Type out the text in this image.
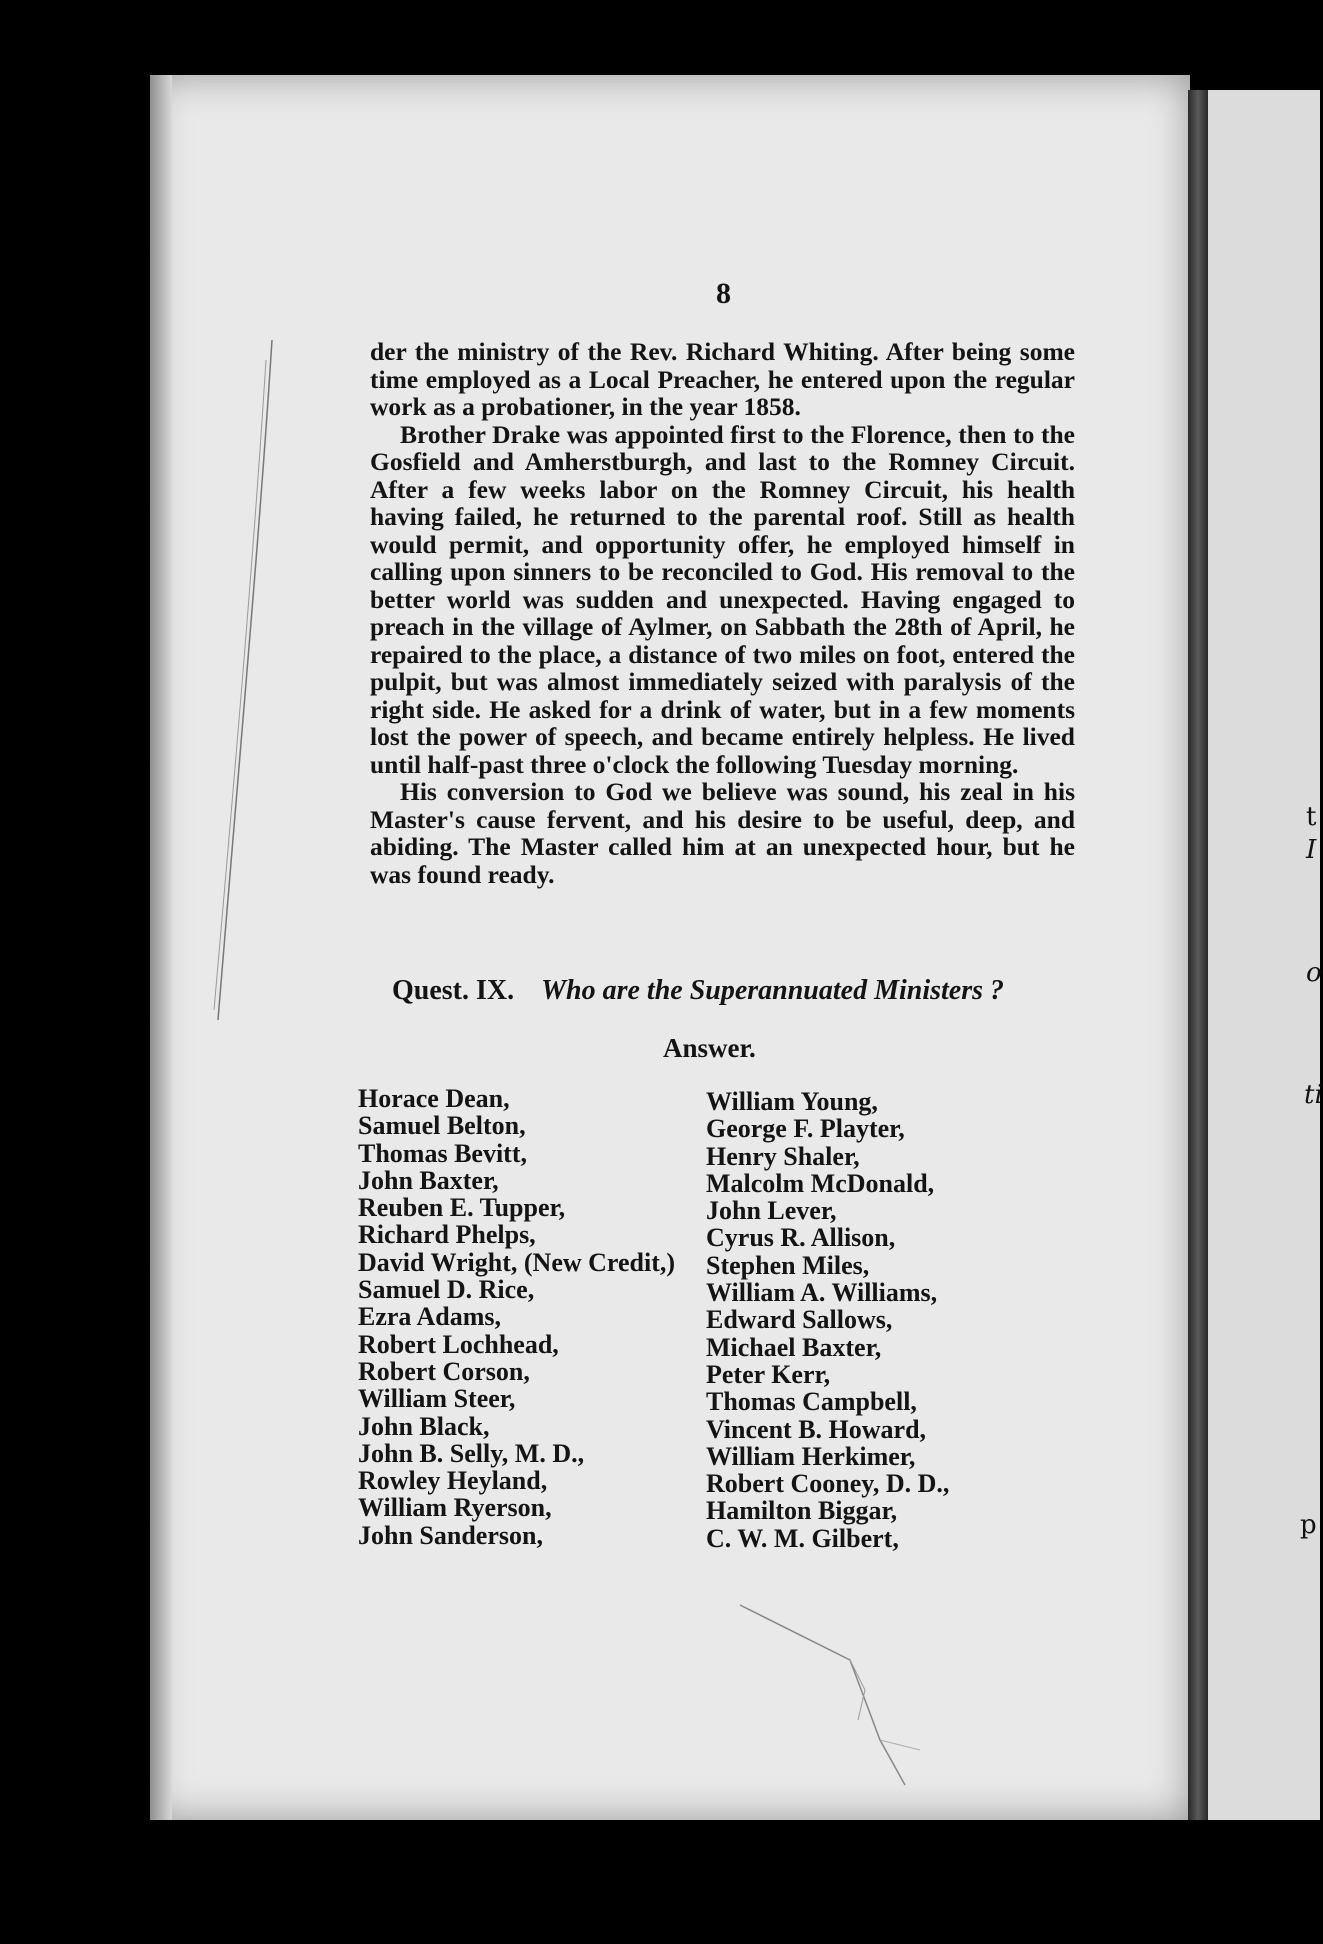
t
I
o
ti
p
8

der the ministry of the Rev. Richard Whiting. After being some time employed as a Local Preacher, he entered upon the regular work as a probationer, in the year 1858.

Brother Drake was appointed first to the Florence, then to the Gosfield and Amherstburgh, and last to the Romney Circuit. After a few weeks labor on the Romney Circuit, his health having failed, he returned to the parental roof. Still as health would permit, and opportunity offer, he employed himself in calling upon sinners to be reconciled to God. His removal to the better world was sudden and unexpected. Having engaged to preach in the village of Aylmer, on Sabbath the 28th of April, he repaired to the place, a distance of two miles on foot, entered the pulpit, but was almost immediately seized with paralysis of the right side. He asked for a drink of water, but in a few moments lost the power of speech, and became entirely helpless. He lived until half-past three o'clock the following Tuesday morning.

His conversion to God we believe was sound, his zeal in his Master's cause fervent, and his desire to be useful, deep, and abiding. The Master called him at an unexpected hour, but he was found ready.

Quest. IX. Who are the Superannuated Ministers ?
Answer.
Horace Dean,
Samuel Belton,
Thomas Bevitt,
John Baxter,
Reuben E. Tupper,
Richard Phelps,
David Wright, (New Credit,)
Samuel D. Rice,
Ezra Adams,
Robert Lochhead,
Robert Corson,
William Steer,
John Black,
John B. Selly, M. D.,
Rowley Heyland,
William Ryerson,
John Sanderson,
William Young,
George F. Playter,
Henry Shaler,
Malcolm McDonald,
John Lever,
Cyrus R. Allison,
Stephen Miles,
William A. Williams,
Edward Sallows,
Michael Baxter,
Peter Kerr,
Thomas Campbell,
Vincent B. Howard,
William Herkimer,
Robert Cooney, D. D.,
Hamilton Biggar,
C. W. M. Gilbert,
